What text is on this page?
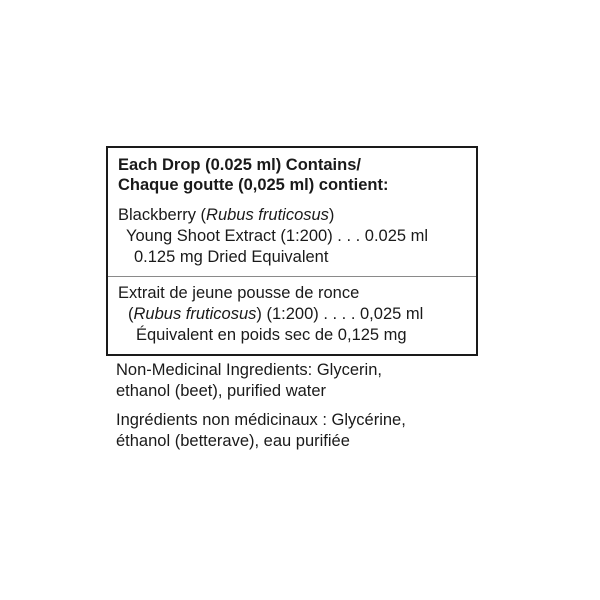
Each Drop (0.025 ml) Contains/
Chaque goutte (0,025 ml) contient:
Blackberry (Rubus fruticosus)
Young Shoot Extract (1:200) . . . 0.025 ml
0.125 mg Dried Equivalent
Extrait de jeune pousse de ronce
(Rubus fruticosus) (1:200) . . . . 0,025 ml
Équivalent en poids sec de 0,125 mg
Non-Medicinal Ingredients: Glycerin,
ethanol (beet), purified water
Ingrédients non médicinaux : Glycérine,
éthanol (betterave), eau purifiée
